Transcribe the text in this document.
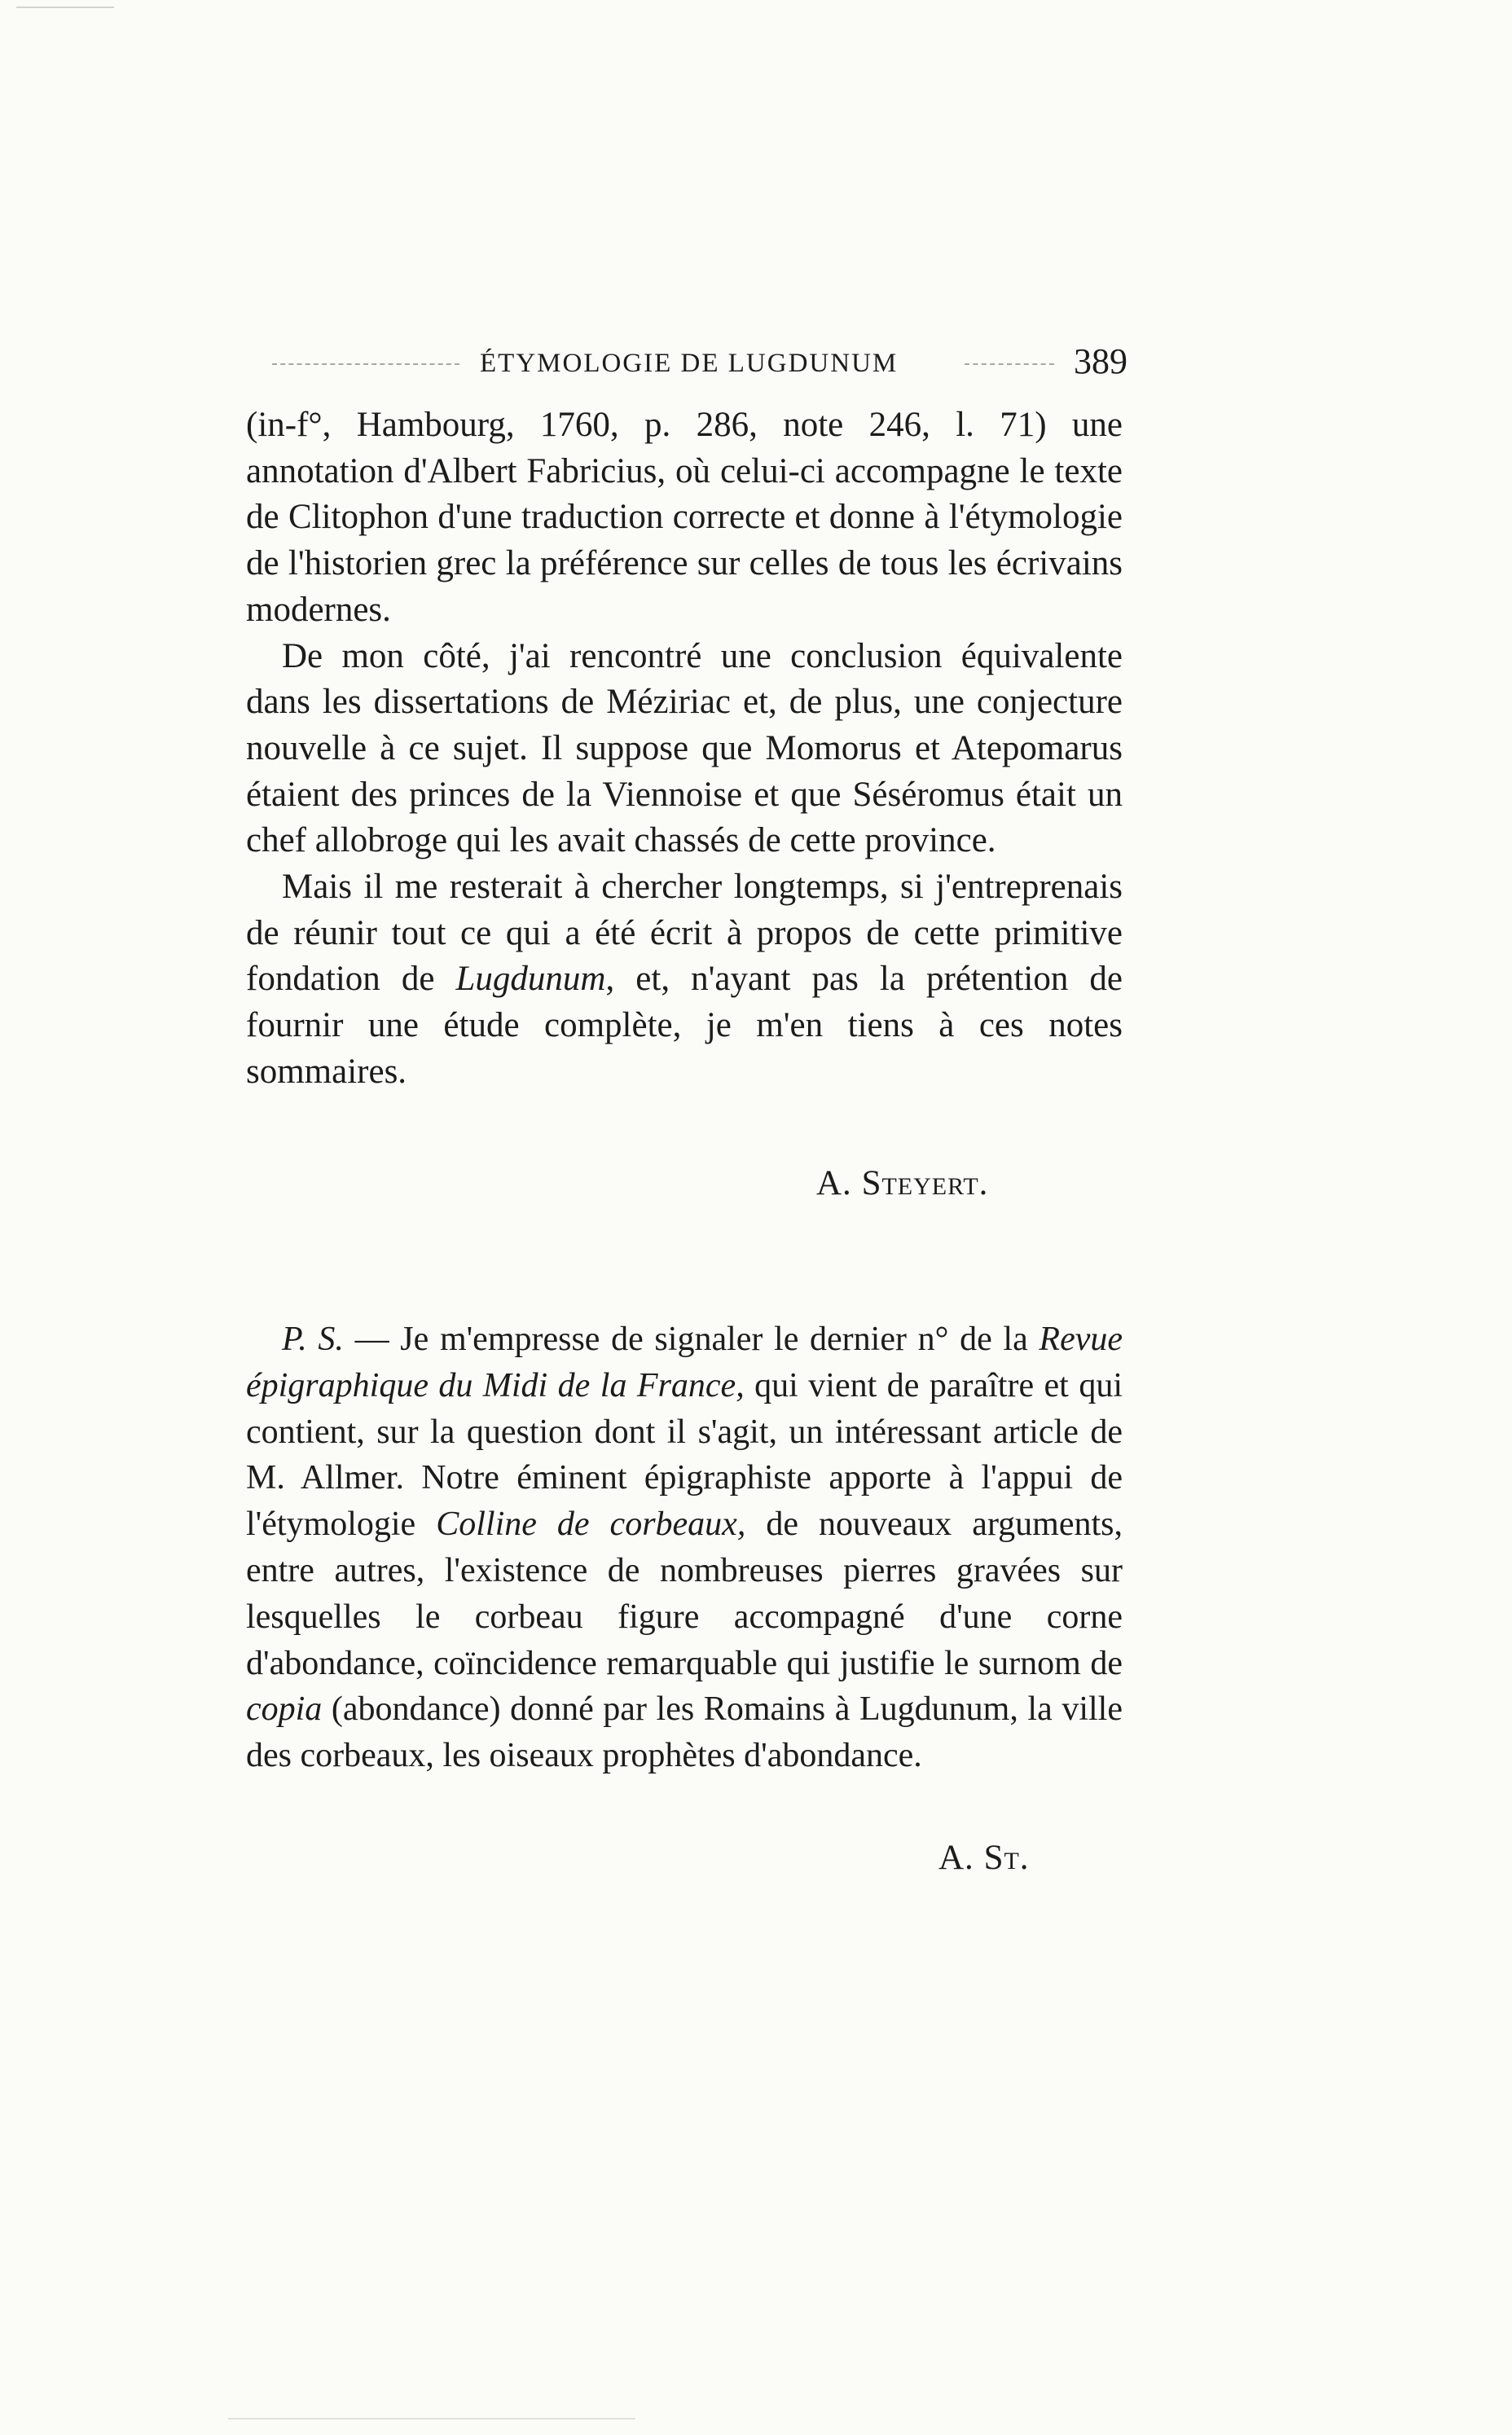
ÉTYMOLOGIE DE LUGDUNUM	389

(in-f°, Hambourg, 1760, p. 286, note 246, l. 71) une annotation d'Albert Fabricius, où celui-ci accompagne le texte de Clitophon d'une traduction correcte et donne à l'étymologie de l'historien grec la préférence sur celles de tous les écrivains modernes.

De mon côté, j'ai rencontré une conclusion équivalente dans les dissertations de Méziriac et, de plus, une conjecture nouvelle à ce sujet. Il suppose que Momorus et Atepomarus étaient des princes de la Viennoise et que Séséromus était un chef allobroge qui les avait chassés de cette province.

Mais il me resterait à chercher longtemps, si j'entreprenais de réunir tout ce qui a été écrit à propos de cette primitive fondation de Lugdunum, et, n'ayant pas la prétention de fournir une étude complète, je m'en tiens à ces notes sommaires.

A. Steyert.

P. S. — Je m'empresse de signaler le dernier n° de la Revue épigraphique du Midi de la France, qui vient de paraître et qui contient, sur la question dont il s'agit, un intéressant article de M. Allmer. Notre éminent épigraphiste apporte à l'appui de l'étymologie Colline de corbeaux, de nouveaux arguments, entre autres, l'existence de nombreuses pierres gravées sur lesquelles le corbeau figure accompagné d'une corne d'abondance, coïncidence remarquable qui justifie le surnom de copia (abondance) donné par les Romains à Lugdunum, la ville des corbeaux, les oiseaux prophètes d'abondance.

A. St.
